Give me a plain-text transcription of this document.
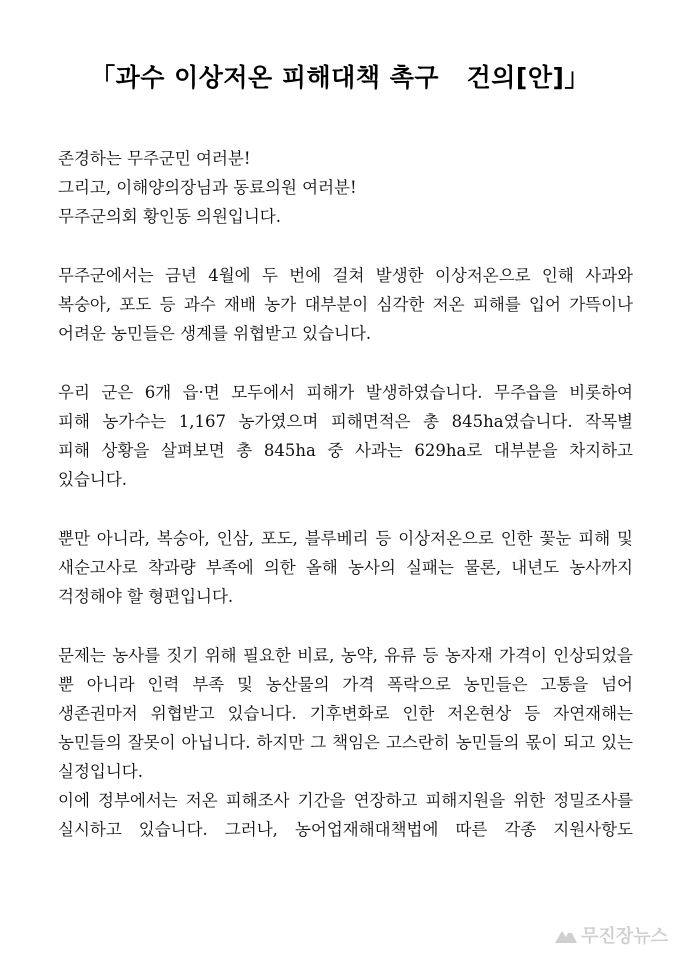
「과수 이상저온 피해대책 촉구   건의[안]」
존경하는 무주군민 여러분!
그리고, 이해양의장님과 동료의원 여러분!
무주군의회 황인동 의원입니다.
무주군에서는 금년 4월에 두 번에 걸쳐 발생한 이상저온으로 인해 사과와
복숭아, 포도 등 과수 재배 농가 대부분이 심각한 저온 피해를 입어 가뜩이나
어려운 농민들은 생계를 위협받고 있습니다.
우리 군은 6개 읍·면 모두에서 피해가 발생하였습니다. 무주읍을 비롯하여
피해 농가수는 1,167 농가였으며 피해면적은 총 845ha였습니다. 작목별
피해 상황을 살펴보면 총 845ha 중 사과는 629ha로 대부분을 차지하고
있습니다.
뿐만 아니라, 복숭아, 인삼, 포도, 블루베리 등 이상저온으로 인한 꽃눈 피해 및
새순고사로 착과량 부족에 의한 올해 농사의 실패는 물론, 내년도 농사까지
걱정해야 할 형편입니다.
문제는 농사를 짓기 위해 필요한 비료, 농약, 유류 등 농자재 가격이 인상되었을
뿐 아니라 인력 부족 및 농산물의 가격 폭락으로 농민들은 고통을 넘어
생존권마저 위협받고 있습니다. 기후변화로 인한 저온현상 등 자연재해는
농민들의 잘못이 아닙니다. 하지만 그 책임은 고스란히 농민들의 몫이 되고 있는
실정입니다.
이에 정부에서는 저온 피해조사 기간을 연장하고 피해지원을 위한 정밀조사를
실시하고 있습니다. 그러나, 농어업재해대책법에 따른 각종 지원사항도
무진장뉴스
